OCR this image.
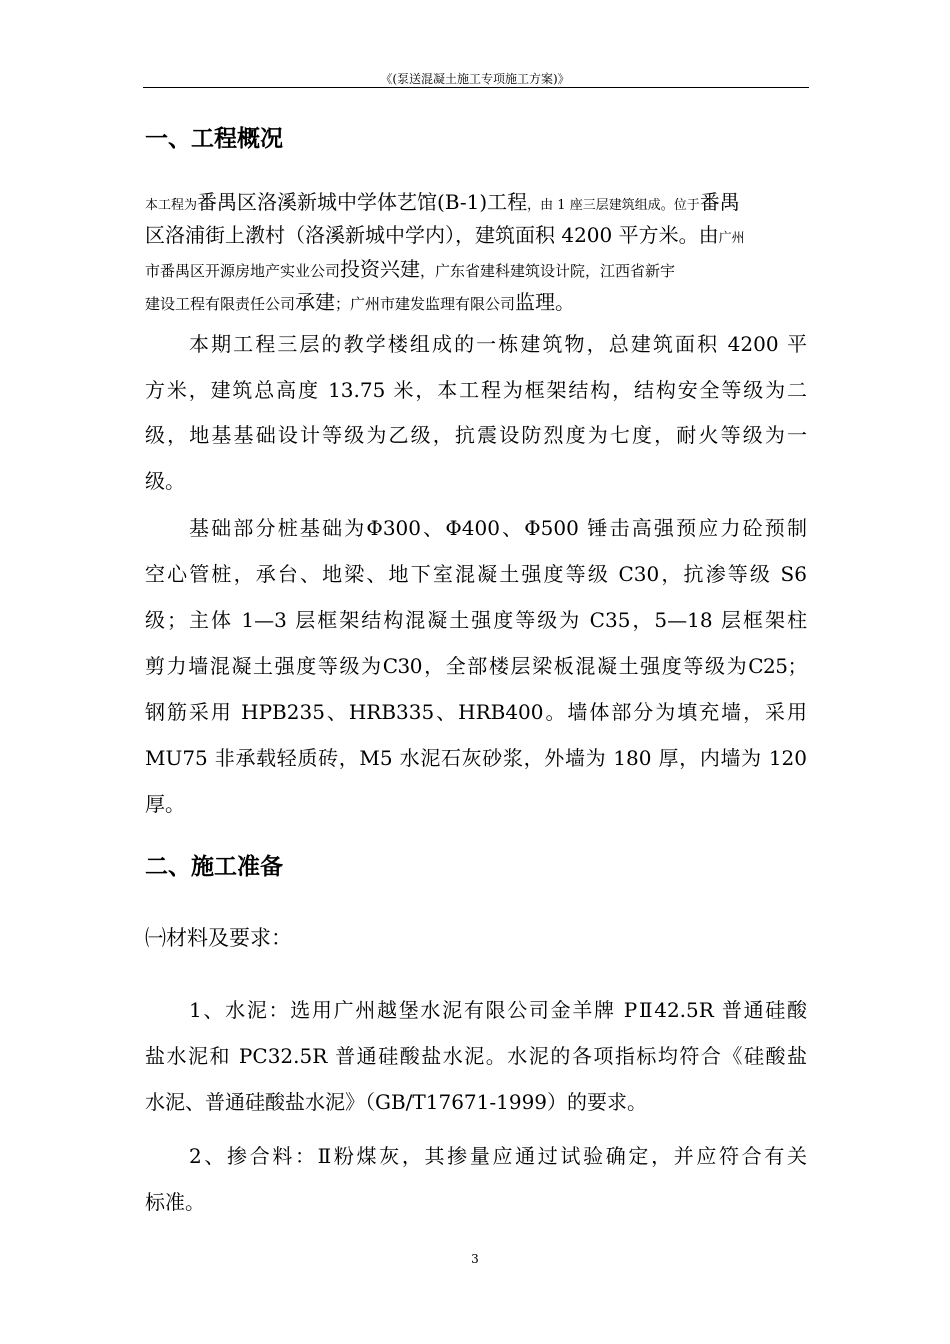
《(泵送混凝土施工专项施工方案)》
一、工程概况
本工程为番禺区洛溪新城中学体艺馆(B-1)工程，由 1 座三层建筑组成。位于番禺
区洛浦街上漖村（洛溪新城中学内），建筑面积 4200 平方米。由广州
市番禺区开源房地产实业公司投资兴建，广东省建科建筑设计院，江西省新宇
建设工程有限责任公司承建；广州市建发监理有限公司监理。
本期工程三层的教学楼组成的一栋建筑物，总建筑面积 4200 平
方米，建筑总高度 13.75 米，本工程为框架结构，结构安全等级为二
级，地基基础设计等级为乙级，抗震设防烈度为七度，耐火等级为一
级。
基础部分桩基础为Φ300、Φ400、Φ500 锤击高强预应力砼预制
空心管桩，承台、地梁、地下室混凝土强度等级 C30，抗渗等级 S6
级；主体 1—3 层框架结构混凝土强度等级为 C35，5—18 层框架柱
剪力墙混凝土强度等级为C30，全部楼层梁板混凝土强度等级为C25；
钢筋采用 HPB235、HRB335、HRB400。墙体部分为填充墙，采用
MU75 非承载轻质砖，M5 水泥石灰砂浆，外墙为 180 厚，内墙为 120
厚。
二、施工准备
㈠材料及要求：
1、水泥：选用广州越堡水泥有限公司金羊牌 PⅡ42.5R 普通硅酸
盐水泥和 PC32.5R 普通硅酸盐水泥。水泥的各项指标均符合《硅酸盐
水泥、普通硅酸盐水泥》（GB/T17671-1999）的要求。
2、掺合料：Ⅱ粉煤灰，其掺量应通过试验确定，并应符合有关
标准。
3
